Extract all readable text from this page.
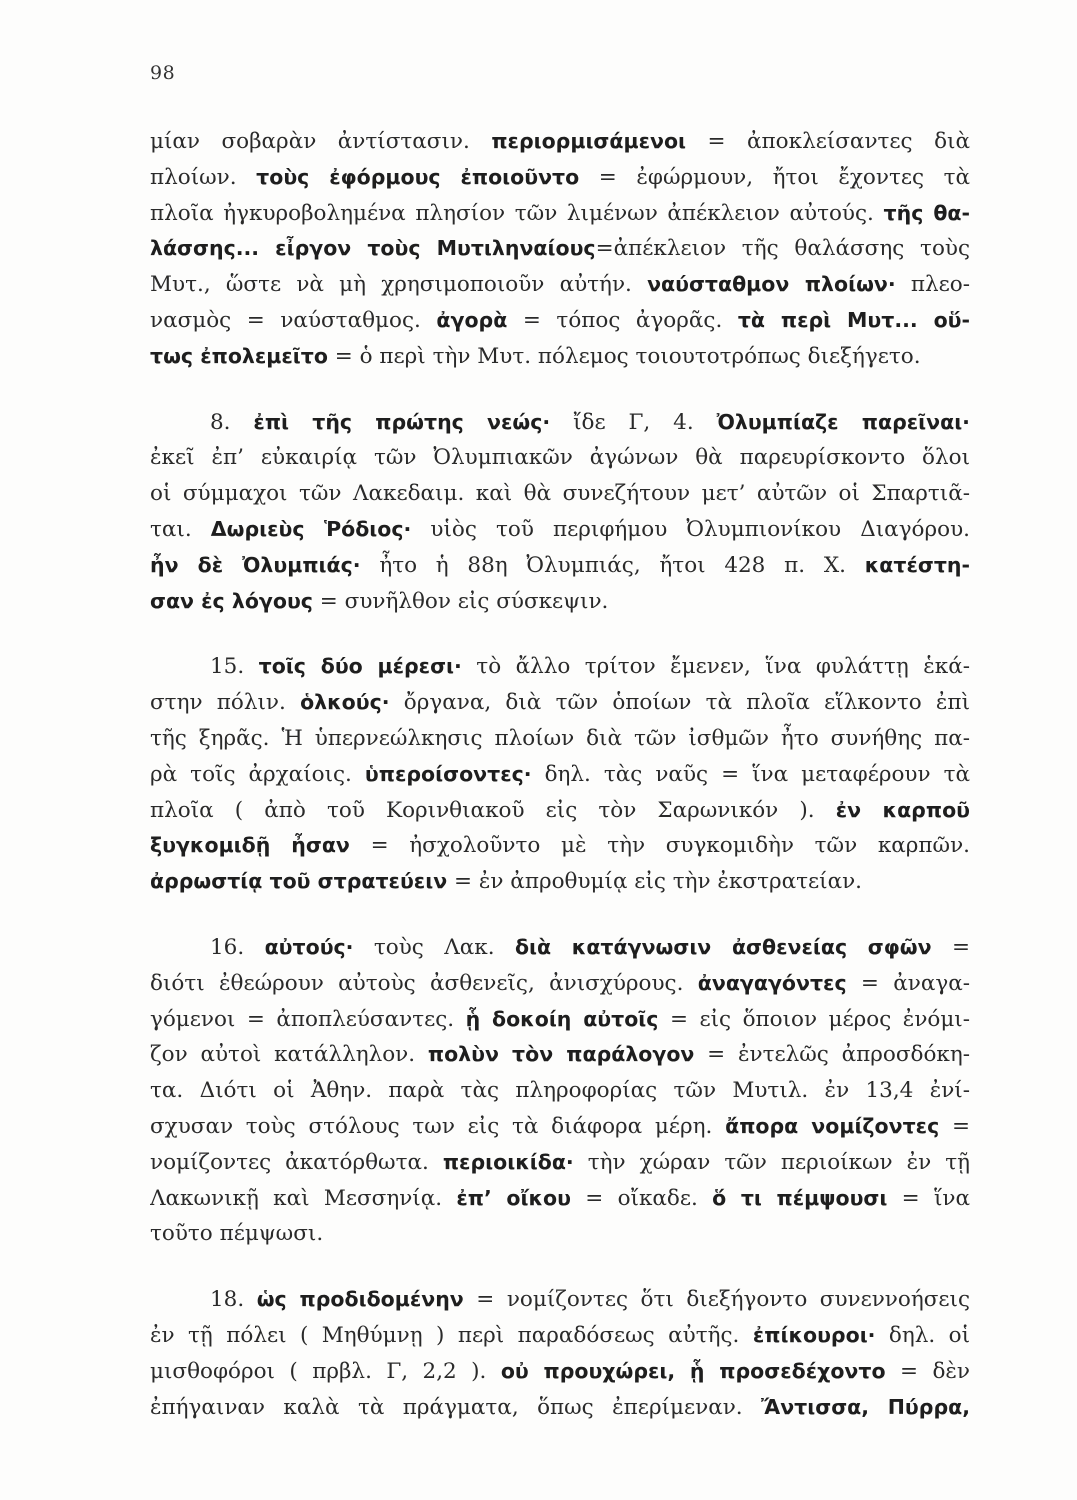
98
μίαν σοβαρὰν ἀντίστασιν. περιορμισάμενοι = ἀποκλείσαντες διὰ
πλοίων. τοὺς ἐφόρμους ἐποιοῦντο = ἐφώρμουν, ἤτοι ἔχοντες τὰ
πλοῖα ἠγκυροβολημένα πλησίον τῶν λιμένων ἀπέκλειον αὐτούς. τῆς θα-
λάσσης... εἶργον τοὺς Μυτιληναίους=ἀπέκλειον τῆς θαλάσσης τοὺς
Μυτ., ὥστε νὰ μὴ χρησιμοποιοῦν αὐτήν. ναύσταθμον πλοίων· πλεο-
νασμὸς = ναύσταθμος. ἀγορὰ = τόπος ἀγορᾶς. τὰ περὶ Μυτ... οὕ-
τως ἐπολεμεῖτο = ὁ περὶ τὴν Μυτ. πόλεμος τοιουτοτρόπως διεξήγετο.
8. ἐπὶ τῆς πρώτης νεώς· ἴδε Γ, 4. Ὀλυμπίαζε παρεῖναι·
ἐκεῖ ἐπ’ εὐκαιρίᾳ τῶν Ὀλυμπιακῶν ἀγώνων θὰ παρευρίσκοντο ὅλοι
οἱ σύμμαχοι τῶν Λακεδαιμ. καὶ θὰ συνεζήτουν μετ’ αὐτῶν οἱ Σπαρτιᾶ-
ται. Δωριεὺς Ῥόδιος· υἱὸς τοῦ περιφήμου Ὀλυμπιονίκου Διαγόρου.
ἦν δὲ Ὀλυμπιάς· ἦτο ἡ 88η Ὀλυμπιάς, ἤτοι 428 π. Χ. κατέστη-
σαν ἐς λόγους = συνῆλθον εἰς σύσκεψιν.
15. τοῖς δύο μέρεσι· τὸ ἄλλο τρίτον ἔμενεν, ἵνα φυλάττῃ ἑκά-
στην πόλιν. ὁλκούς· ὄργανα, διὰ τῶν ὁποίων τὰ πλοῖα εἵλκοντο ἐπὶ
τῆς ξηρᾶς. Ἡ ὑπερνεώλκησις πλοίων διὰ τῶν ἰσθμῶν ἦτο συνήθης πα-
ρὰ τοῖς ἀρχαίοις. ὑπεροίσοντες· δηλ. τὰς ναῦς = ἵνα μεταφέρουν τὰ
πλοῖα ( ἀπὸ τοῦ Κορινθιακοῦ εἰς τὸν Σαρωνικόν ). ἐν καρποῦ
ξυγκομιδῇ ἦσαν = ἠσχολοῦντο μὲ τὴν συγκομιδὴν τῶν καρπῶν.
ἀρρωστίᾳ τοῦ στρατεύειν = ἐν ἀπροθυμίᾳ εἰς τὴν ἐκστρατείαν.
16. αὐτούς· τοὺς Λακ. διὰ κατάγνωσιν ἀσθενείας σφῶν =
διότι ἐθεώρουν αὐτοὺς ἀσθενεῖς, ἀνισχύρους. ἀναγαγόντες = ἀναγα-
γόμενοι = ἀποπλεύσαντες. ᾗ δοκοίη αὐτοῖς = εἰς ὅποιον μέρος ἐνόμι-
ζον αὐτοὶ κατάλληλον. πολὺν τὸν παράλογον = ἐντελῶς ἀπροσδόκη-
τα. Διότι οἱ Ἀθην. παρὰ τὰς πληροφορίας τῶν Μυτιλ. ἐν 13,4 ἐνί-
σχυσαν τοὺς στόλους των εἰς τὰ διάφορα μέρη. ἄπορα νομίζοντες =
νομίζοντες ἀκατόρθωτα. περιοικίδα· τὴν χώραν τῶν περιοίκων ἐν τῇ
Λακωνικῇ καὶ Μεσσηνίᾳ. ἐπ’ οἴκου = οἴκαδε. ὅ τι πέμψουσι = ἵνα
τοῦτο πέμψωσι.
18. ὡς προδιδομένην = νομίζοντες ὅτι διεξήγοντο συνεννοήσεις
ἐν τῇ πόλει ( Μηθύμνῃ ) περὶ παραδόσεως αὐτῆς. ἐπίκουροι· δηλ. οἱ
μισθοφόροι ( πρβλ. Γ, 2,2 ). οὐ προυχώρει, ᾗ προσεδέχοντο = δὲν
ἐπήγαιναν καλὰ τὰ πράγματα, ὅπως ἐπερίμεναν. Ἄντισσα, Πύρρα,
